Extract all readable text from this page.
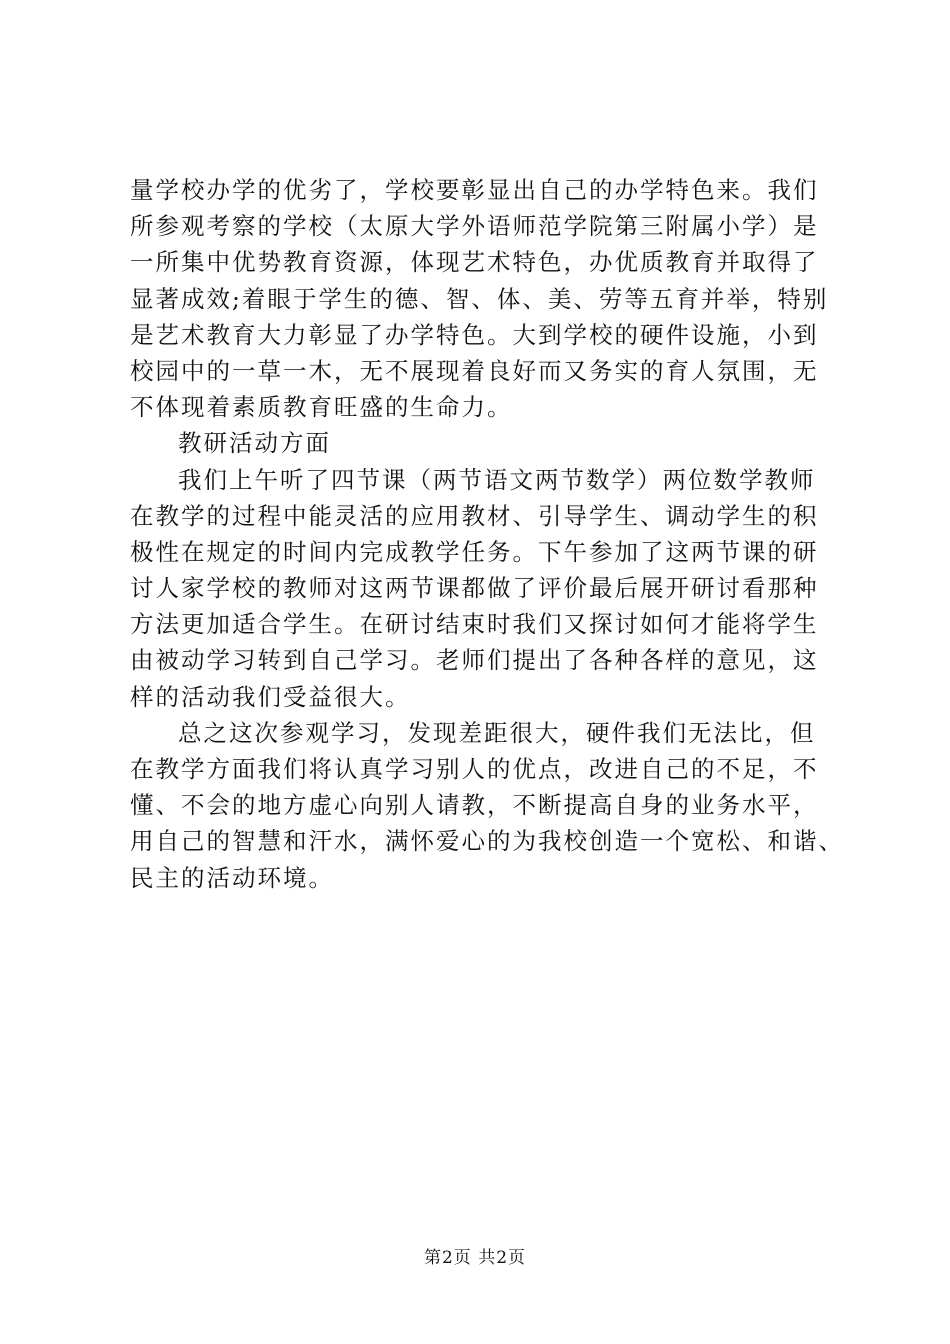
量学校办学的优劣了，学校要彰显出自己的办学特色来。我们
所参观考察的学校（太原大学外语师范学院第三附属小学）是
一所集中优势教育资源，体现艺术特色，办优质教育并取得了
显著成效;着眼于学生的德、智、体、美、劳等五育并举，特别
是艺术教育大力彰显了办学特色。大到学校的硬件设施，小到
校园中的一草一木，无不展现着良好而又务实的育人氛围，无
不体现着素质教育旺盛的生命力。
教研活动方面
我们上午听了四节课（两节语文两节数学）两位数学教师
在教学的过程中能灵活的应用教材、引导学生、调动学生的积
极性在规定的时间内完成教学任务。下午参加了这两节课的研
讨人家学校的教师对这两节课都做了评价最后展开研讨看那种
方法更加适合学生。在研讨结束时我们又探讨如何才能将学生
由被动学习转到自己学习。老师们提出了各种各样的意见，这
样的活动我们受益很大。
总之这次参观学习，发现差距很大，硬件我们无法比，但
在教学方面我们将认真学习别人的优点，改进自己的不足，不
懂、不会的地方虚心向别人请教，不断提高自身的业务水平，
用自己的智慧和汗水，满怀爱心的为我校创造一个宽松、和谐、
民主的活动环境。
第2页 共2页
